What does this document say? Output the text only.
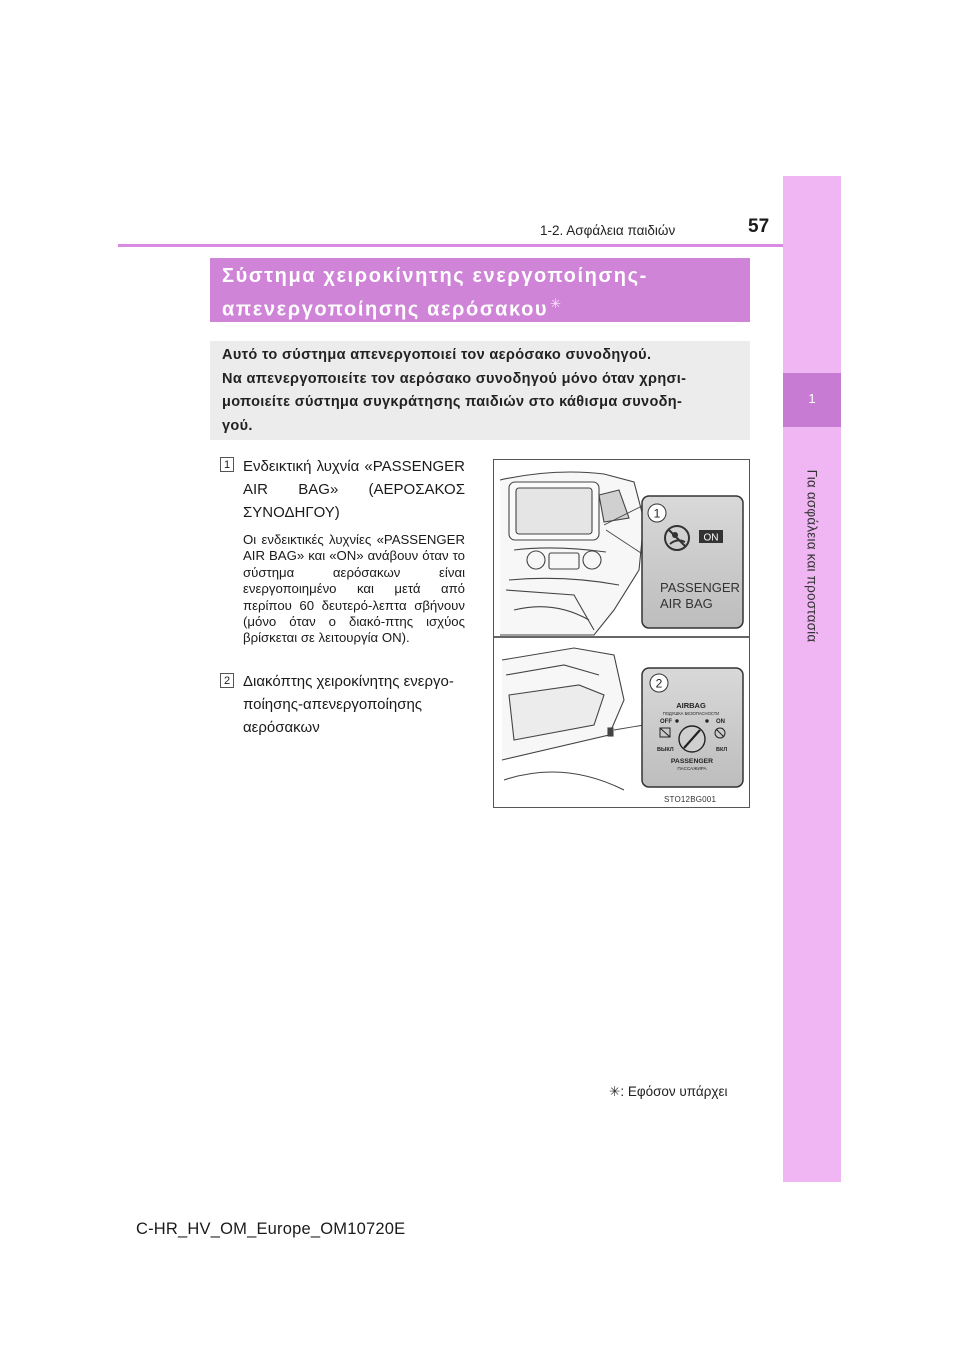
1
Για ασφάλεια και προστασία
1-2. Ασφάλεια παιδιών	57
Σύστημα χειροκίνητης ενεργοποίησης-
απενεργοποίησης αερόσακου ✳
Αυτό το σύστημα απενεργοποιεί τον αερόσακο συνοδηγού.
Να απενεργοποιείτε τον αερόσακο συνοδηγού μόνο όταν χρησι-
μοποιείτε σύστημα συγκράτησης παιδιών στο κάθισμα συνοδη-
γού.
1 Ενδεικτική λυχνία «PASSENGER AIR BAG» (ΑΕΡΟΣΑΚΟΣ ΣΥΝΟΔΗΓΟΥ)
Οι ενδεικτικές λυχνίες «PASSENGER AIR BAG» και «ON» ανάβουν όταν το σύστημα αερόσακων είναι ενεργοποιημένο και μετά από περίπου 60 δευτερό-λεπτα σβήνουν (μόνο όταν ο διακό-πτης ισχύος βρίσκεται σε λειτουργία ON).
2 Διακόπτης χειροκίνητης ενεργο-ποίησης-απενεργοποίησης αερόσακων
1
ON
PASSENGER
AIR BAG
2
AIRBAG
ПОДУШКА БЕЗОПАСНОСТИ
OFF	ON
ВЫКЛ	ВКЛ
PASSENGER
ПАССАЖИРА
STO12BG001
✳: Εφόσον υπάρχει
C-HR_HV_OM_Europe_OM10720E
